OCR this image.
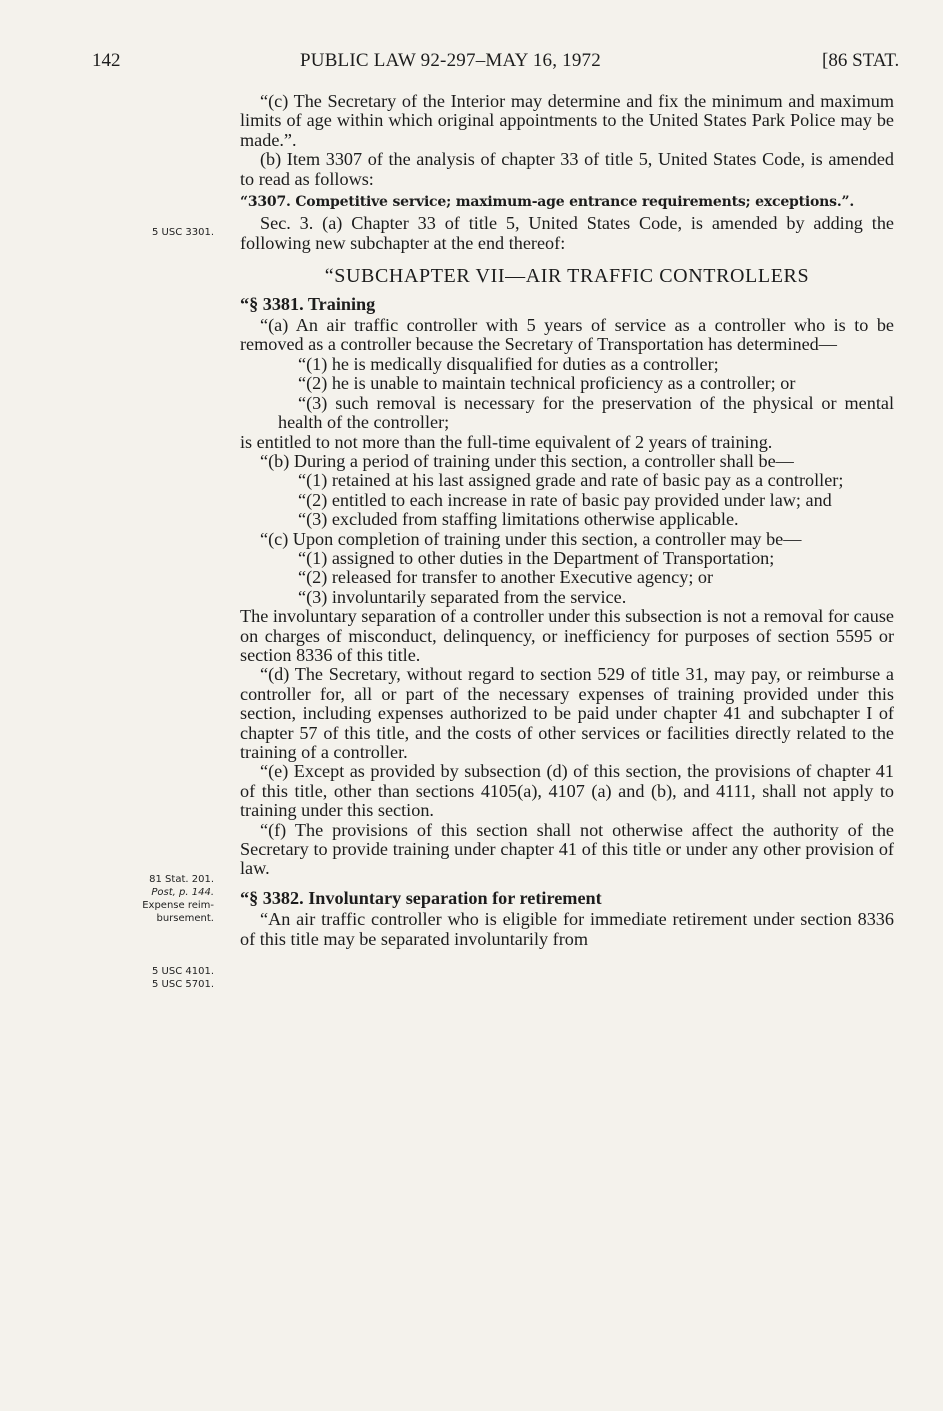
142	PUBLIC LAW 92-297–MAY 16, 1972	[86 STAT.
5 USC 3301.
81 Stat. 201.
Post, p. 144.
Expense reim-
bursement.
5 USC 4101.
5 USC 5701.

“(c) The Secretary of the Interior may determine and fix the minimum and maximum limits of age within which original appointments to the United States Park Police may be made.”.

(b) Item 3307 of the analysis of chapter 33 of title 5, United States Code, is amended to read as follows:

“3307. Competitive service; maximum-age entrance requirements; exceptions.”.

Sec. 3. (a) Chapter 33 of title 5, United States Code, is amended by adding the following new subchapter at the end thereof:

“SUBCHAPTER VII—AIR TRAFFIC CONTROLLERS

“§ 3381. Training

“(a) An air traffic controller with 5 years of service as a controller who is to be removed as a controller because the Secretary of Transportation has determined—

“(1) he is medically disqualified for duties as a controller;

“(2) he is unable to maintain technical proficiency as a controller; or

“(3) such removal is necessary for the preservation of the physical or mental health of the controller;

is entitled to not more than the full-time equivalent of 2 years of training.

“(b) During a period of training under this section, a controller shall be—

“(1) retained at his last assigned grade and rate of basic pay as a controller;

“(2) entitled to each increase in rate of basic pay provided under law; and

“(3) excluded from staffing limitations otherwise applicable.

“(c) Upon completion of training under this section, a controller may be—

“(1) assigned to other duties in the Department of Transportation;

“(2) released for transfer to another Executive agency; or

“(3) involuntarily separated from the service.

The involuntary separation of a controller under this subsection is not a removal for cause on charges of misconduct, delinquency, or inefficiency for purposes of section 5595 or section 8336 of this title.

“(d) The Secretary, without regard to section 529 of title 31, may pay, or reimburse a controller for, all or part of the necessary expenses of training provided under this section, including expenses authorized to be paid under chapter 41 and subchapter I of chapter 57 of this title, and the costs of other services or facilities directly related to the training of a controller.

“(e) Except as provided by subsection (d) of this section, the provisions of chapter 41 of this title, other than sections 4105(a), 4107 (a) and (b), and 4111, shall not apply to training under this section.

“(f) The provisions of this section shall not otherwise affect the authority of the Secretary to provide training under chapter 41 of this title or under any other provision of law.

“§ 3382. Involuntary separation for retirement

“An air traffic controller who is eligible for immediate retirement under section 8336 of this title may be separated involuntarily from
